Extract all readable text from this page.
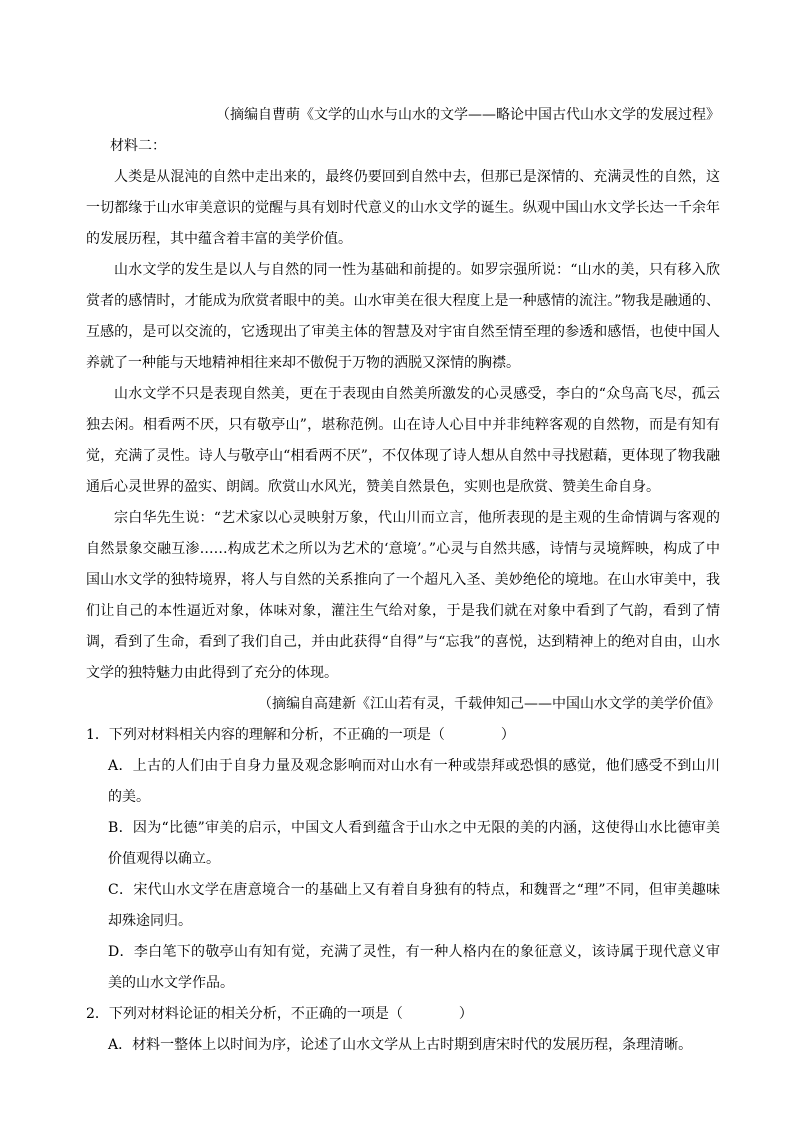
（摘编自曹萌《文学的山水与山水的文学——略论中国古代山水文学的发展过程》
材料二：

人类是从混沌的自然中走出来的，最终仍要回到自然中去，但那已是深情的、充满灵性的自然，这一切都缘于山水审美意识的觉醒与具有划时代意义的山水文学的诞生。纵观中国山水文学长达一千余年的发展历程，其中蕴含着丰富的美学价值。

山水文学的发生是以人与自然的同一性为基础和前提的。如罗宗强所说：“山水的美，只有移入欣赏者的感情时，才能成为欣赏者眼中的美。山水审美在很大程度上是一种感情的流注。”物我是融通的、互感的，是可以交流的，它透现出了审美主体的智慧及对宇宙自然至情至理的参透和感悟，也使中国人养就了一种能与天地精神相往来却不傲倪于万物的洒脱又深情的胸襟。

山水文学不只是表现自然美，更在于表现由自然美所激发的心灵感受，李白的“众鸟高飞尽，孤云独去闲。相看两不厌，只有敬亭山”，堪称范例。山在诗人心目中并非纯粹客观的自然物，而是有知有觉，充满了灵性。诗人与敬亭山“相看两不厌”，不仅体现了诗人想从自然中寻找慰藉，更体现了物我融通后心灵世界的盈实、朗阔。欣赏山水风光，赞美自然景色，实则也是欣赏、赞美生命自身。

宗白华先生说：“艺术家以心灵映射万象，代山川而立言，他所表现的是主观的生命情调与客观的自然景象交融互渗……构成艺术之所以为艺术的‘意境’。”心灵与自然共感，诗情与灵境辉映，构成了中国山水文学的独特境界，将人与自然的关系推向了一个超凡入圣、美妙绝伦的境地。在山水审美中，我们让自己的本性逼近对象，体味对象，灌注生气给对象，于是我们就在对象中看到了气韵，看到了情调，看到了生命，看到了我们自己，并由此获得“自得”与“忘我”的喜悦，达到精神上的绝对自由，山水文学的独特魅力由此得到了充分的体现。

（摘编自高建新《江山若有灵，千载伸知己——中国山水文学的美学价值》

1．下列对材料相关内容的理解和分析，不正确的一项是（	）

A．上古的人们由于自身力量及观念影响而对山水有一种或崇拜或恐惧的感觉，他们感受不到山川的美。

B．因为“比德”审美的启示，中国文人看到蕴含于山水之中无限的美的内涵，这使得山水比德审美价值观得以确立。

C．宋代山水文学在唐意境合一的基础上又有着自身独有的特点，和魏晋之“理”不同，但审美趣味却殊途同归。

D．李白笔下的敬亭山有知有觉，充满了灵性，有一种人格内在的象征意义，该诗属于现代意义审美的山水文学作品。

2．下列对材料论证的相关分析，不正确的一项是（	）

A．材料一整体上以时间为序，论述了山水文学从上古时期到唐宋时代的发展历程，条理清晰。
